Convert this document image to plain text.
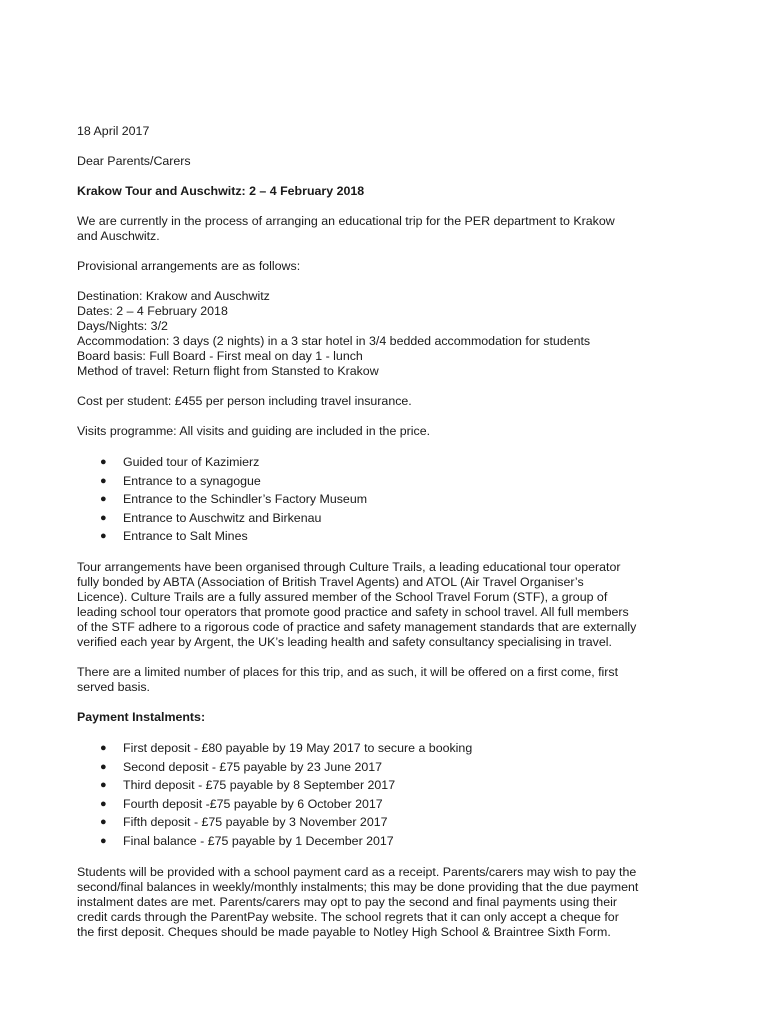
18 April 2017

Dear Parents/Carers

Krakow Tour and Auschwitz: 2 – 4 February 2018

We are currently in the process of arranging an educational trip for the PER department to Krakow
and Auschwitz.

Provisional arrangements are as follows:

Destination: Krakow and Auschwitz
Dates: 2 – 4 February 2018
Days/Nights: 3/2
Accommodation: 3 days (2 nights) in a 3 star hotel in 3/4 bedded accommodation for students
Board basis: Full Board - First meal on day 1 - lunch
Method of travel: Return flight from Stansted to Krakow

Cost per student: £455 per person including travel insurance.

Visits programme: All visits and guiding are included in the price.

● Guided tour of Kazimierz
● Entrance to a synagogue
● Entrance to the Schindler’s Factory Museum
● Entrance to Auschwitz and Birkenau
● Entrance to Salt Mines

Tour arrangements have been organised through Culture Trails, a leading educational tour operator
fully bonded by ABTA (Association of British Travel Agents) and ATOL (Air Travel Organiser’s
Licence). Culture Trails are a fully assured member of the School Travel Forum (STF), a group of
leading school tour operators that promote good practice and safety in school travel. All full members
of the STF adhere to a rigorous code of practice and safety management standards that are externally
verified each year by Argent, the UK’s leading health and safety consultancy specialising in travel.

There are a limited number of places for this trip, and as such, it will be offered on a first come, first
served basis.

Payment Instalments:

● First deposit - £80 payable by 19 May 2017 to secure a booking
● Second deposit - £75 payable by 23 June 2017
● Third deposit - £75 payable by 8 September 2017
● Fourth deposit -£75 payable by 6 October 2017
● Fifth deposit - £75 payable by 3 November 2017
● Final balance - £75 payable by 1 December 2017

Students will be provided with a school payment card as a receipt. Parents/carers may wish to pay the
second/final balances in weekly/monthly instalments; this may be done providing that the due payment
instalment dates are met. Parents/carers may opt to pay the second and final payments using their
credit cards through the ParentPay website. The school regrets that it can only accept a cheque for
the first deposit. Cheques should be made payable to Notley High School & Braintree Sixth Form.
